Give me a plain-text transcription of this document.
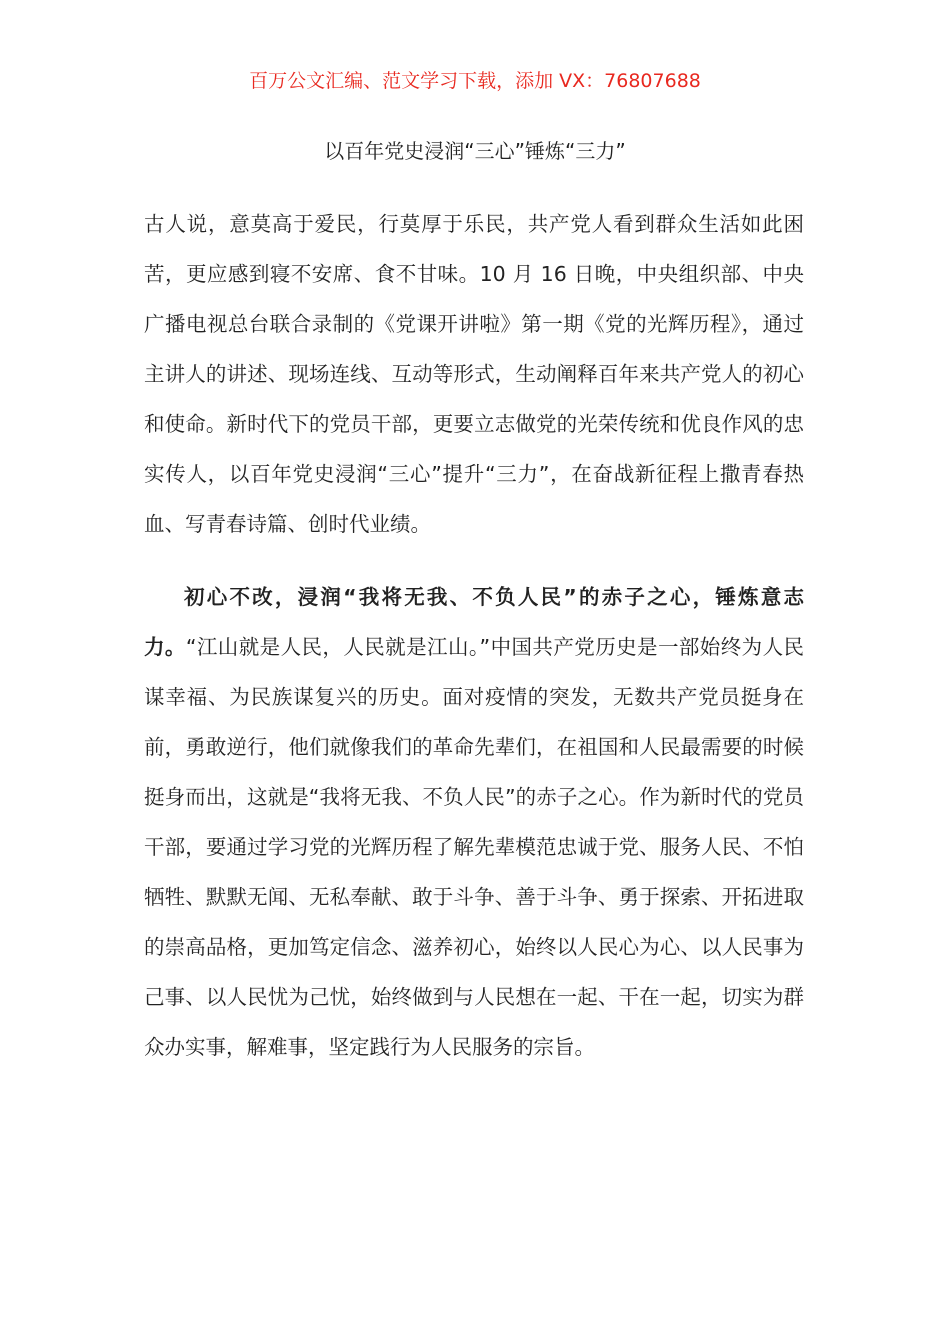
百万公文汇编、范文学习下载，添加 VX：76807688
以百年党史浸润“三心”锤炼“三力”

古人说，意莫高于爱民，行莫厚于乐民，共产党人看到群众生活如此困苦，更应感到寝不安席、食不甘味。10 月 16 日晚，中央组织部、中央广播电视总台联合录制的《党课开讲啦》第一期《党的光辉历程》，通过主讲人的讲述、现场连线、互动等形式，生动阐释百年来共产党人的初心和使命。新时代下的党员干部，更要立志做党的光荣传统和优良作风的忠实传人，以百年党史浸润“三心”提升“三力”，在奋战新征程上撒青春热血、写青春诗篇、创时代业绩。

初心不改，浸润“我将无我、不负人民”的赤子之心，锤炼意志力。“江山就是人民，人民就是江山。”中国共产党历史是一部始终为人民谋幸福、为民族谋复兴的历史。面对疫情的突发，无数共产党员挺身在前，勇敢逆行，他们就像我们的革命先辈们，在祖国和人民最需要的时候挺身而出，这就是“我将无我、不负人民”的赤子之心。作为新时代的党员干部，要通过学习党的光辉历程了解先辈模范忠诚于党、服务人民、不怕牺牲、默默无闻、无私奉献、敢于斗争、善于斗争、勇于探索、开拓进取的崇高品格，更加笃定信念、滋养初心，始终以人民心为心、以人民事为己事、以人民忧为己忧，始终做到与人民想在一起、干在一起，切实为群众办实事，解难事，坚定践行为人民服务的宗旨。
